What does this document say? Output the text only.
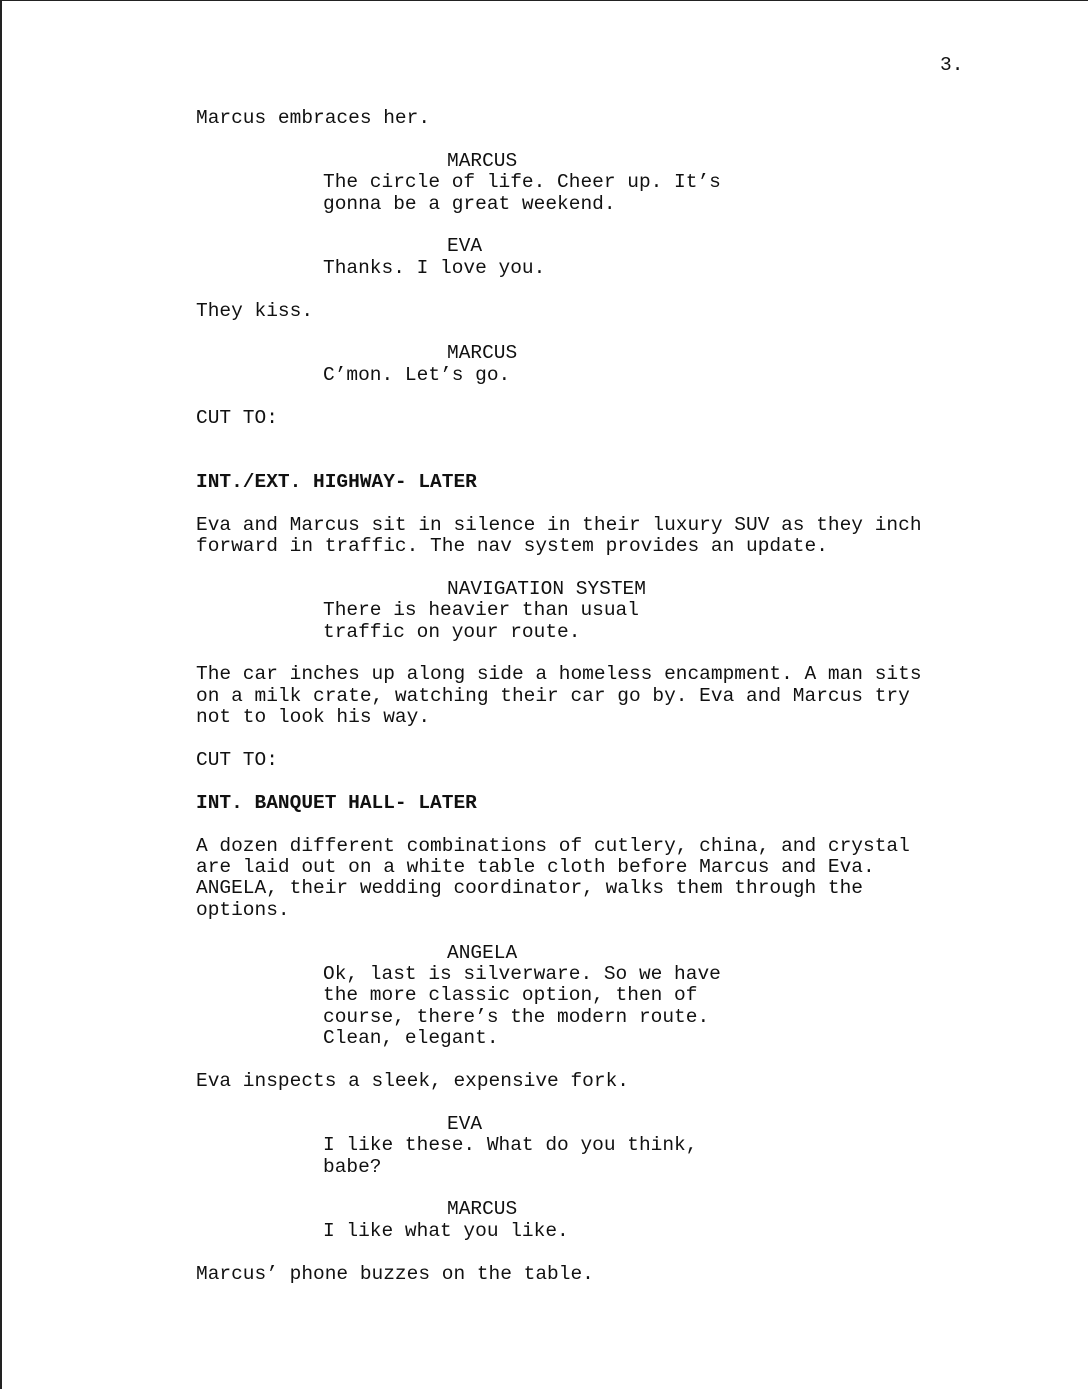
3.

Marcus embraces her.

MARCUS

The circle of life. Cheer up. It’s
gonna be a great weekend.

EVA

Thanks. I love you.

They kiss.

MARCUS

C’mon. Let’s go.

CUT TO:

INT./EXT. HIGHWAY- LATER

Eva and Marcus sit in silence in their luxury SUV as they inch
forward in traffic. The nav system provides an update.

NAVIGATION SYSTEM

There is heavier than usual
traffic on your route.

The car inches up along side a homeless encampment. A man sits
on a milk crate, watching their car go by. Eva and Marcus try
not to look his way.

CUT TO:

INT. BANQUET HALL- LATER

A dozen different combinations of cutlery, china, and crystal
are laid out on a white table cloth before Marcus and Eva.
ANGELA, their wedding coordinator, walks them through the
options.

ANGELA

Ok, last is silverware. So we have
the more classic option, then of
course, there’s the modern route.
Clean, elegant.

Eva inspects a sleek, expensive fork.

EVA

I like these. What do you think,
babe?

MARCUS

I like what you like.

Marcus’ phone buzzes on the table.
